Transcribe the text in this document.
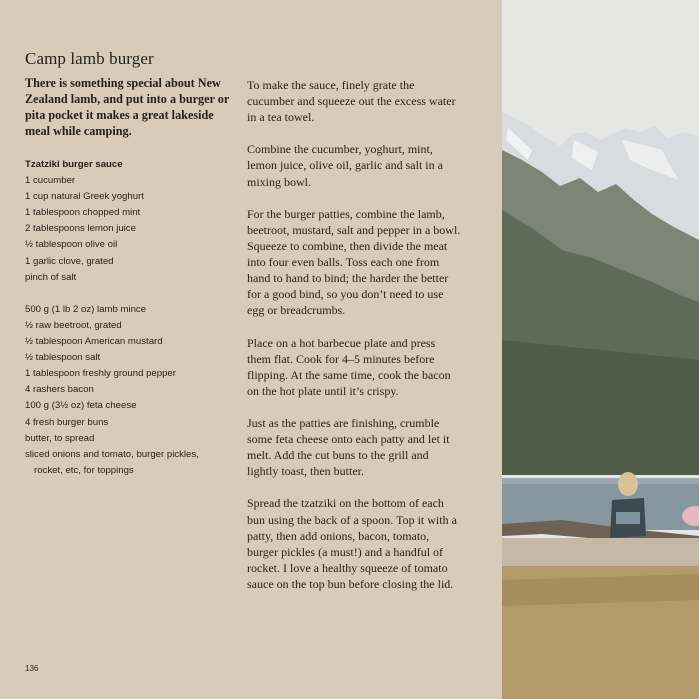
Camp lamb burger
There is something special about New Zealand lamb, and put into a burger or pita pocket it makes a great lakeside meal while camping.
Tzatziki burger sauce
1 cucumber
1 cup natural Greek yoghurt
1 tablespoon chopped mint
2 tablespoons lemon juice
½ tablespoon olive oil
1 garlic clove, grated
pinch of salt
500 g (1 lb 2 oz) lamb mince
½ raw beetroot, grated
½ tablespoon American mustard
½ tablespoon salt
1 tablespoon freshly ground pepper
4 rashers bacon
100 g (3½ oz) feta cheese
4 fresh burger buns
butter, to spread
sliced onions and tomato, burger pickles,
rocket, etc, for toppings

To make the sauce, finely grate the cucumber and squeeze out the excess water in a tea towel.

Combine the cucumber, yoghurt, mint, lemon juice, olive oil, garlic and salt in a mixing bowl.

For the burger patties, combine the lamb, beetroot, mustard, salt and pepper in a bowl. Squeeze to combine, then divide the meat into four even balls. Toss each one from hand to hand to bind; the harder the better for a good bind, so you don’t need to use egg or breadcrumbs.

Place on a hot barbecue plate and press them flat. Cook for 4–5 minutes before flipping. At the same time, cook the bacon on the hot plate until it’s crispy.

Just as the patties are finishing, crumble some feta cheese onto each patty and let it melt. Add the cut buns to the grill and lightly toast, then butter.

Spread the tzatziki on the bottom of each bun using the back of a spoon. Top it with a patty, then add onions, bacon, tomato, burger pickles (a must!) and a handful of rocket. I love a healthy squeeze of tomato sauce on the top bun before closing the lid.

136
